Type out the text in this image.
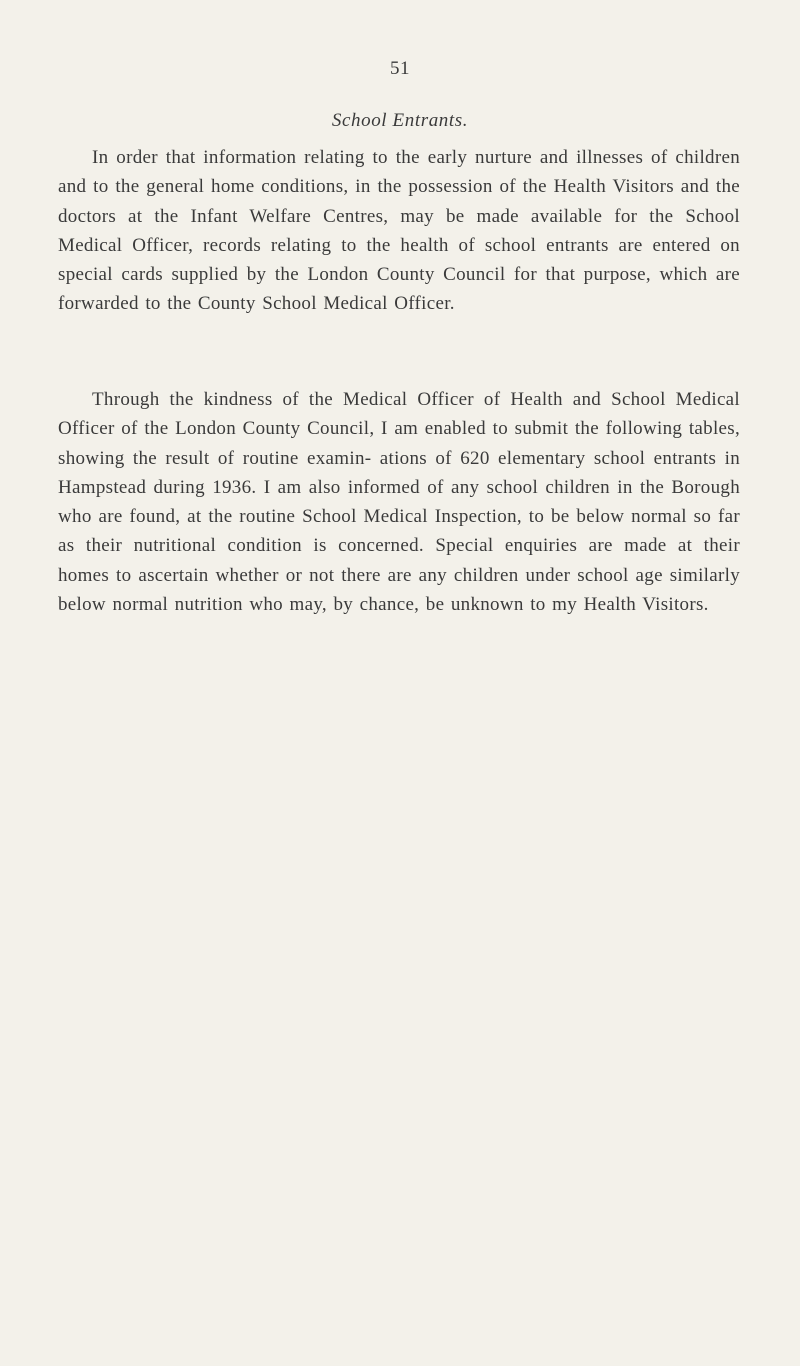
51
School Entrants.

In order that information relating to the early nurture and illnesses of children and to the general home conditions, in the possession of the Health Visitors and the doctors at the Infant Welfare Centres, may be made available for the School Medical Officer, records relating to the health of school entrants are entered on special cards supplied by the London County Council for that purpose, which are forwarded to the County School Medical Officer.

Through the kindness of the Medical Officer of Health and School Medical Officer of the London County Council, I am enabled to submit the following tables, showing the result of routine examin- ations of 620 elementary school entrants in Hampstead during 1936. I am also informed of any school children in the Borough who are found, at the routine School Medical Inspection, to be below normal so far as their nutritional condition is concerned. Special enquiries are made at their homes to ascertain whether or not there are any children under school age similarly below normal nutrition who may, by chance, be unknown to my Health Visitors.
